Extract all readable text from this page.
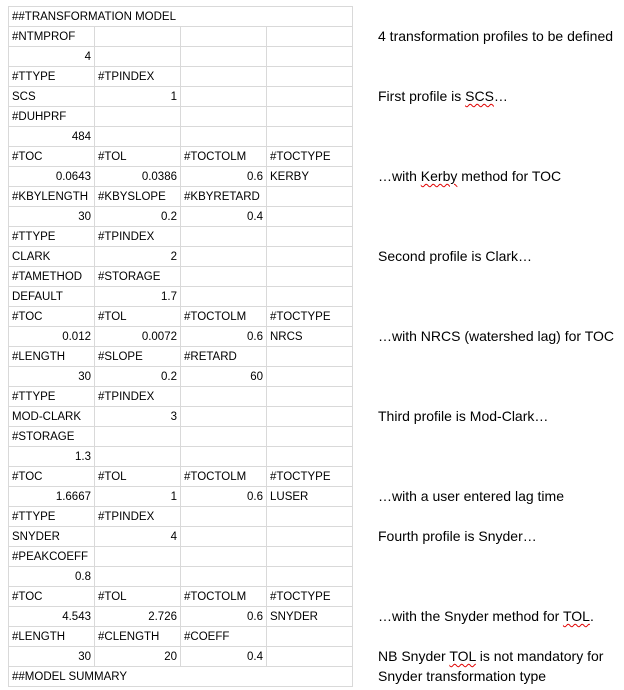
##TRANSFORMATION MODEL			
#NTMPROF			
4			
#TTYPE	#TPINDEX		
SCS	1		
#DUHPRF			
484			
#TOC	#TOL	#TOCTOLM	#TOCTYPE
0.0643	0.0386	0.6	KERBY
#KBYLENGTH	#KBYSLOPE	#KBYRETARD	
30	0.2	0.4	
#TTYPE	#TPINDEX		
CLARK	2		
#TAMETHOD	#STORAGE		
DEFAULT	1.7		
#TOC	#TOL	#TOCTOLM	#TOCTYPE
0.012	0.0072	0.6	NRCS
#LENGTH	#SLOPE	#RETARD	
30	0.2	60	
#TTYPE	#TPINDEX		
MOD-CLARK	3		
#STORAGE			
1.3			
#TOC	#TOL	#TOCTOLM	#TOCTYPE
1.6667	1	0.6	LUSER
#TTYPE	#TPINDEX		
SNYDER	4		
#PEAKCOEFF			
0.8			
#TOC	#TOL	#TOCTOLM	#TOCTYPE
4.543	2.726	0.6	SNYDER
#LENGTH	#CLENGTH	#COEFF	
30	20	0.4	
##MODEL SUMMARY			
4 transformation profiles to be defined
First profile is SCS…
…with Kerby method for TOC
Second profile is Clark…
…with NRCS (watershed lag) for TOC
Third profile is Mod-Clark…
…with a user entered lag time
Fourth profile is Snyder…
…with the Snyder method for TOL.
NB Snyder TOL is not mandatory for Snyder transformation type
